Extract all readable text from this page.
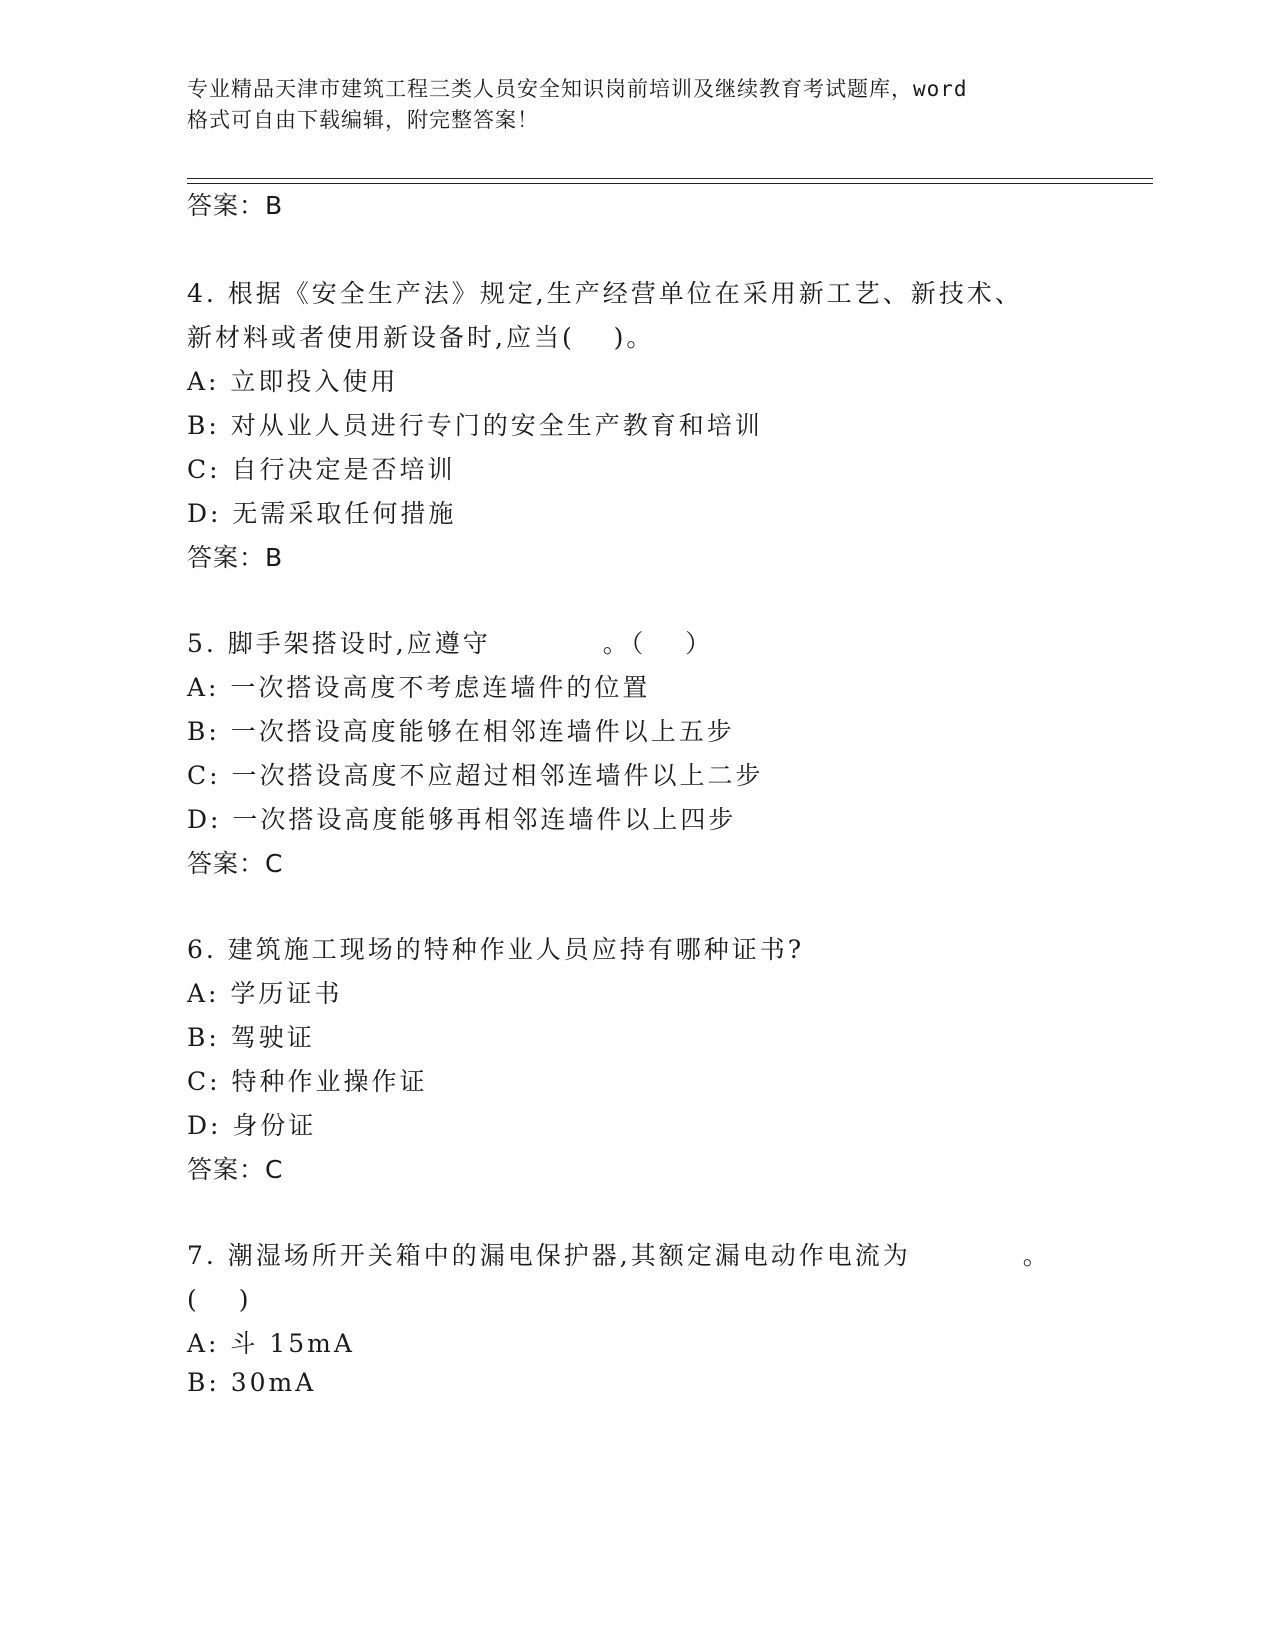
专业精品天津市建筑工程三类人员安全知识岗前培训及继续教育考试题库，word
格式可自由下载编辑，附完整答案！
答案：B
4. 根据《安全生产法》规定,生产经营单位在采用新工艺、新技术、
新材料或者使用新设备时,应当(　 )。
A: 立即投入使用
B: 对从业人员进行专门的安全生产教育和培训
C: 自行决定是否培训
D: 无需采取任何措施
答案：B
5. 脚手架搭设时,应遵守　　　　。（　 ）
A: 一次搭设高度不考虑连墙件的位置
B: 一次搭设高度能够在相邻连墙件以上五步
C: 一次搭设高度不应超过相邻连墙件以上二步
D: 一次搭设高度能够再相邻连墙件以上四步
答案：C
6. 建筑施工现场的特种作业人员应持有哪种证书?
A: 学历证书
B: 驾驶证
C: 特种作业操作证
D: 身份证
答案：C
7. 潮湿场所开关箱中的漏电保护器,其额定漏电动作电流为　　　　。
(　 )
A: 斗 15mA
B: 30mA
